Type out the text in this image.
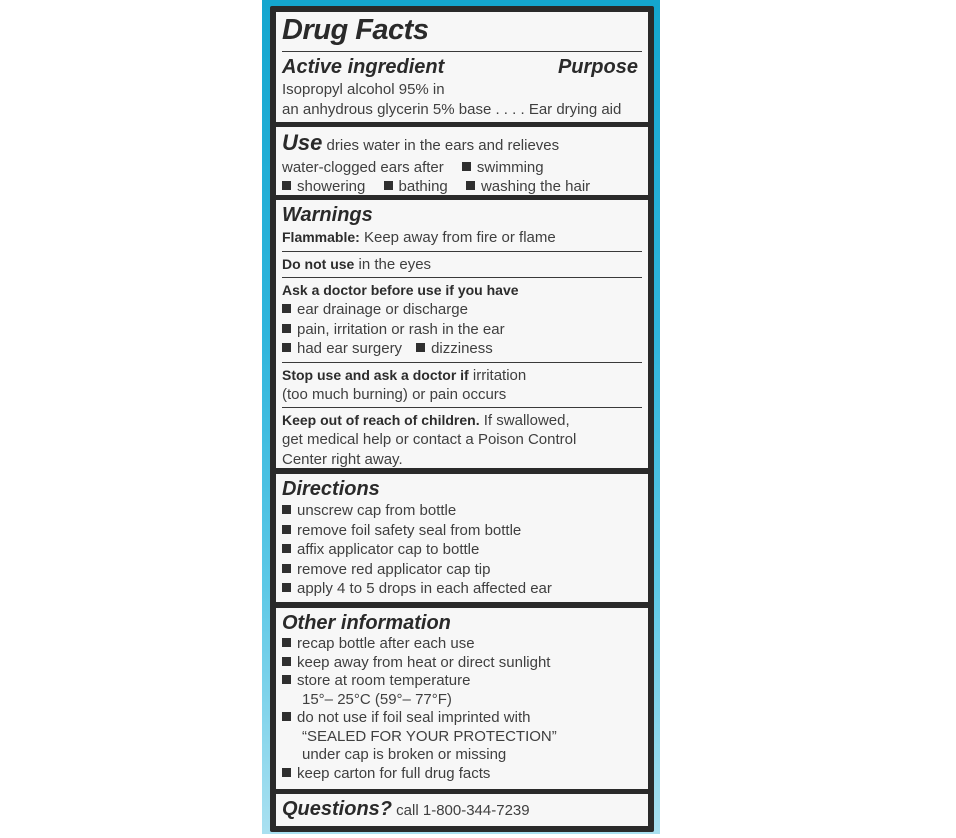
Drug Facts
Active ingredient	Purpose
Isopropyl alcohol 95% in
an anhydrous glycerin 5% base . . . . Ear drying aid
Use dries water in the ears and relieves
water-clogged ears after swimming
showering bathing washing the hair
Warnings
Flammable: Keep away from fire or flame
Do not use in the eyes
Ask a doctor before use if you have
ear drainage or discharge
pain, irritation or rash in the ear
had ear surgery dizziness
Stop use and ask a doctor if irritation
(too much burning) or pain occurs
Keep out of reach of children. If swallowed,
get medical help or contact a Poison Control
Center right away.
Directions
unscrew cap from bottle
remove foil safety seal from bottle
affix applicator cap to bottle
remove red applicator cap tip
apply 4 to 5 drops in each affected ear
Other information
recap bottle after each use
keep away from heat or direct sunlight
store at room temperature
15°– 25°C (59°– 77°F)
do not use if foil seal imprinted with
“SEALED FOR YOUR PROTECTION”
under cap is broken or missing
keep carton for full drug facts
Questions? call 1-800-344-7239
